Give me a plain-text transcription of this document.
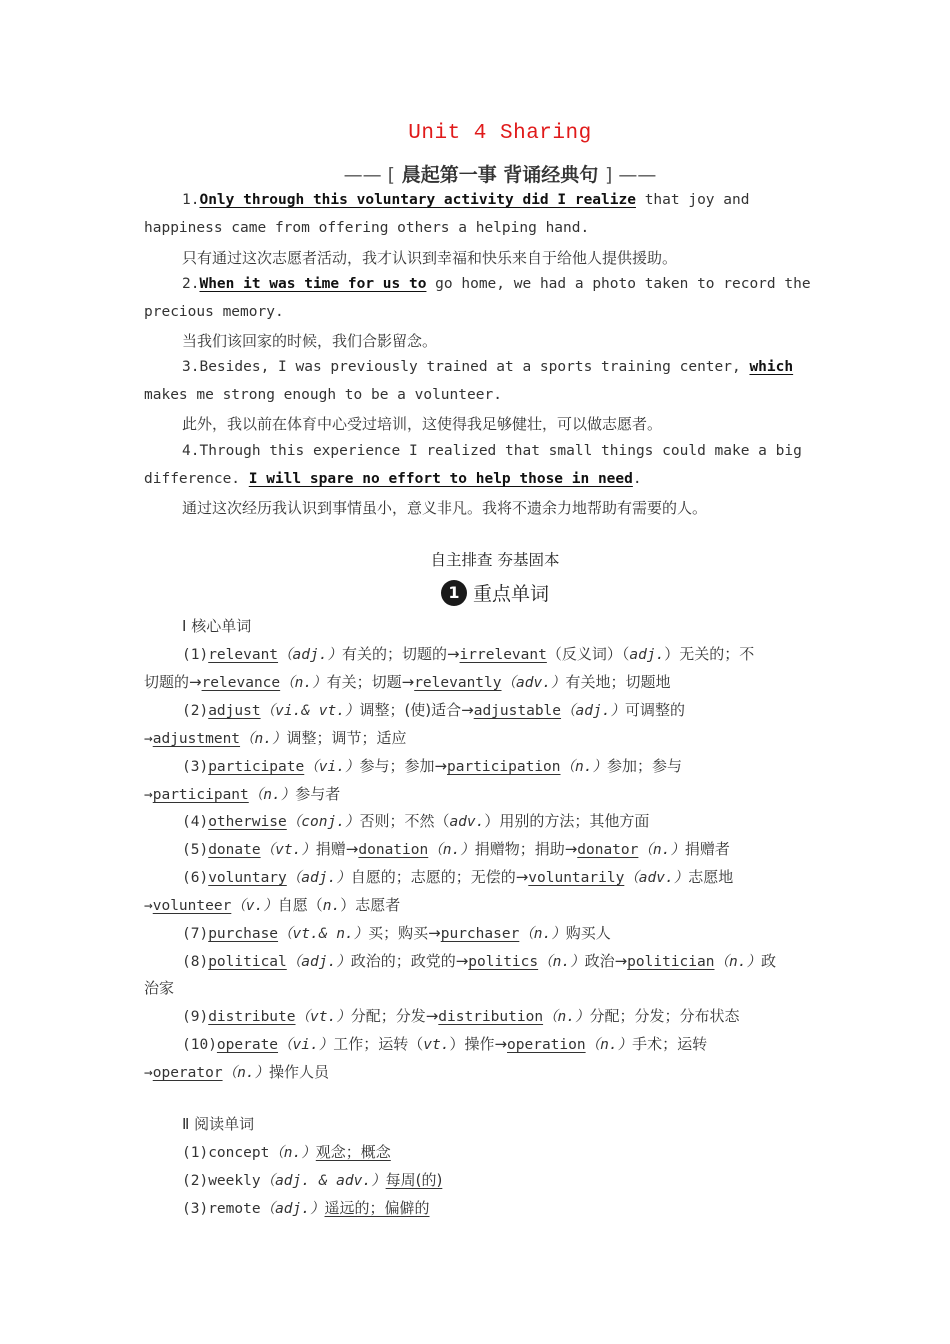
Unit 4 Sharing
—— [ 晨起第一事 背诵经典句 ] ——
1.Only through this voluntary activity did I realize that joy and
happiness came from offering others a helping hand.
只有通过这次志愿者活动，我才认识到幸福和快乐来自于给他人提供援助。
2.When it was time for us to go home, we had a photo taken to record the
precious memory.
当我们该回家的时候，我们合影留念。
3.Besides, I was previously trained at a sports training center, which
makes me strong enough to be a volunteer.
此外，我以前在体育中心受过培训，这使得我足够健壮，可以做志愿者。
4.Through this experience I realized that small things could make a big
difference. I will spare no effort to help those in need.
通过这次经历我认识到事情虽小，意义非凡。我将不遗余力地帮助有需要的人。
自主排查 夯基固本
1 重点单词
Ⅰ 核心单词
(1)relevant（adj.）有关的；切题的→irrelevant（反义词）（adj.）无关的；不
切题的→relevance（n.）有关；切题→relevantly（adv.）有关地；切题地
(2)adjust（vi.& vt.）调整；(使)适合→adjustable（adj.）可调整的
→adjustment（n.）调整；调节；适应
(3)participate（vi.）参与；参加→participation（n.）参加；参与
→participant（n.）参与者
(4)otherwise（conj.）否则；不然（adv.）用别的方法；其他方面
(5)donate（vt.）捐赠→donation（n.）捐赠物；捐助→donator（n.）捐赠者
(6)voluntary（adj.）自愿的；志愿的；无偿的→voluntarily（adv.）志愿地
→volunteer（v.）自愿（n.）志愿者
(7)purchase（vt.& n.）买；购买→purchaser（n.）购买人
(8)political（adj.）政治的；政党的→politics（n.）政治→politician（n.）政
治家
(9)distribute（vt.）分配；分发→distribution（n.）分配；分发；分布状态
(10)operate（vi.）工作；运转（vt.）操作→operation（n.）手术；运转
→operator（n.）操作人员
Ⅱ 阅读单词
(1)concept（n.）观念；概念
(2)weekly（adj. & adv.）每周(的)
(3)remote（adj.）遥远的；偏僻的
